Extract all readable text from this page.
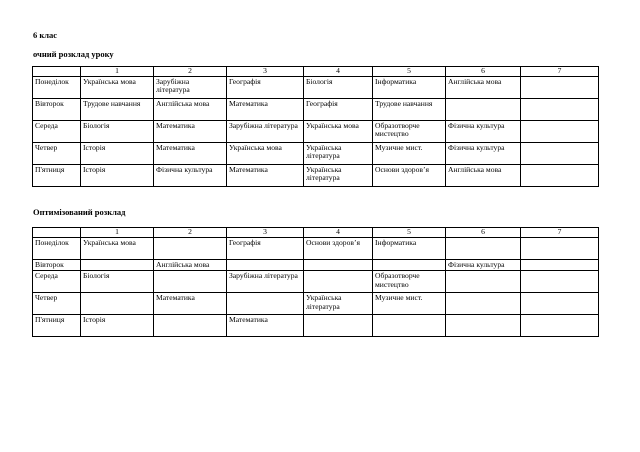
6 клас
очний розклад уроку
	1	2	3	4	5	6	7
Понеділок	Українська мова	Зарубіжна література	Географія	Біологія	Інформатика	Англійська мова	
Вівторок	Трудове навчання	Англійська мова	Математика	Географія	Трудове навчання		
Середа	Біологія	Математика	Зарубіжна література	Українська мова	Образотворче мистецтво	Фізична культура	
Четвер	Історія	Математика	Українська мова	Українська література	Музичне мист.	Фізична культура	
П'ятниця	Історія	Фізична культура	Математика	Українська література	Основи здоров’я	Англійська мова	
Оптимізований розклад
	1	2	3	4	5	6	7
Понеділок	Українська мова		Географія	Основи здоров’я	Інформатика		
Вівторок		Англійська мова				Фізична культура	
Середа	Біологія		Зарубіжна література		Образотворче мистецтво		
Четвер		Математика		Українська література	Музичне мист.		
П'ятниця	Історія		Математика				
